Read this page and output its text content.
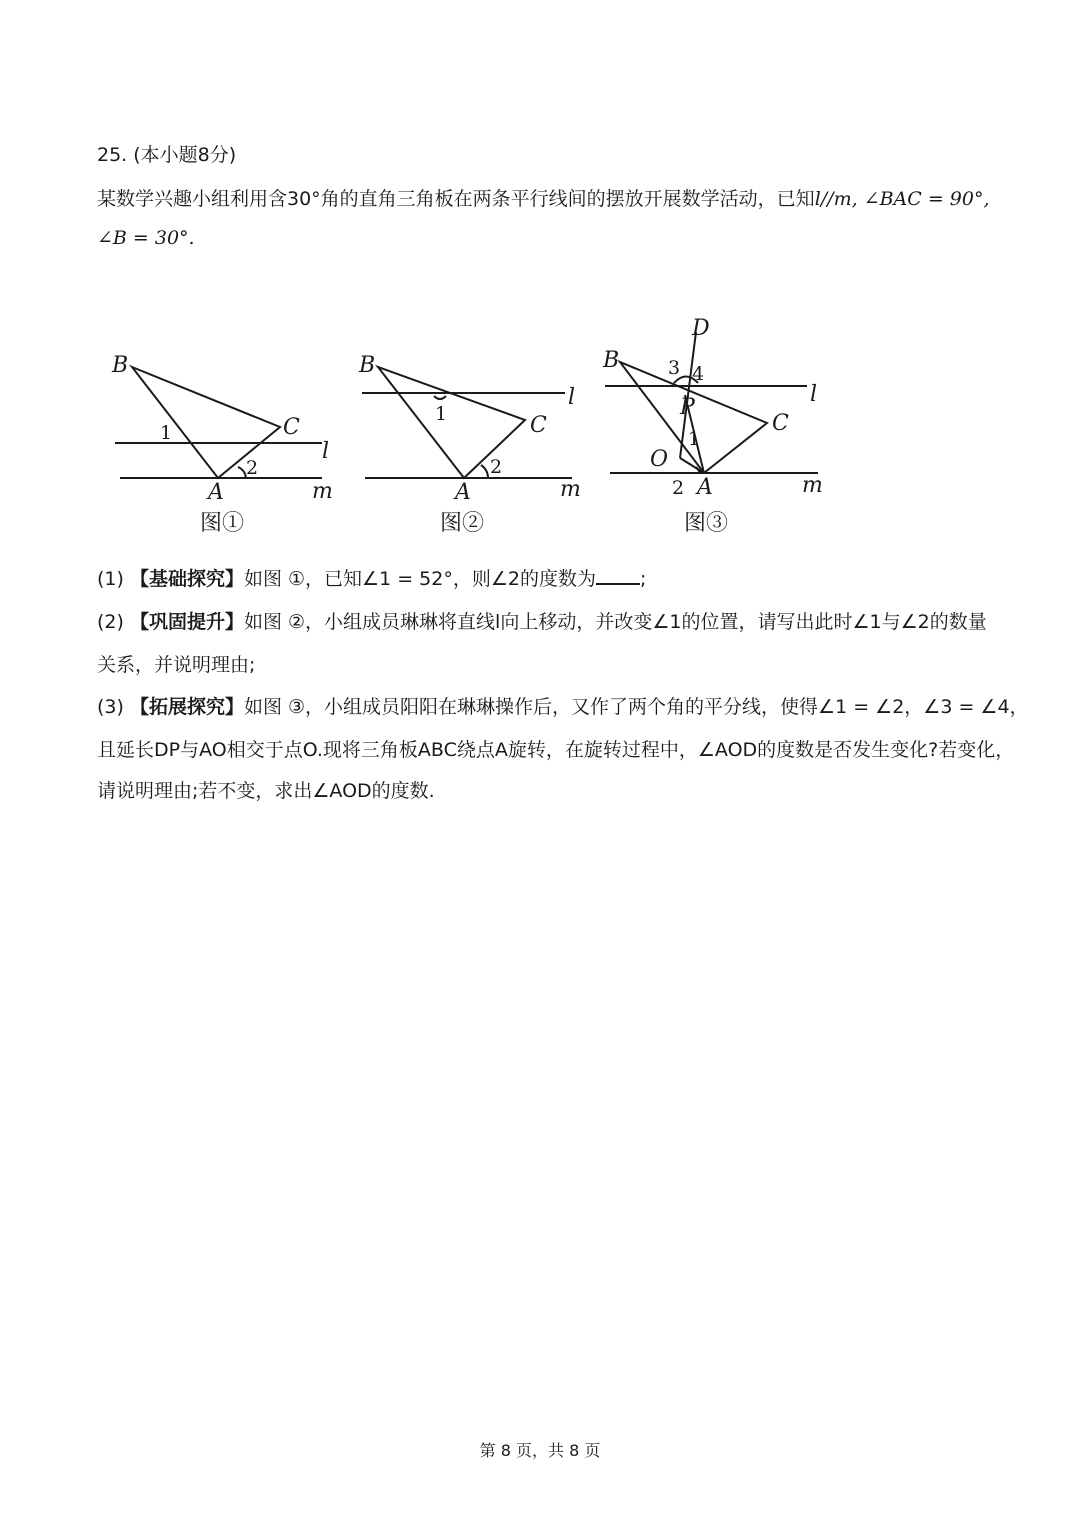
25. (本小题8分)
某数学兴趣小组利用含30°角的直角三角板在两条平行线间的摆放开展数学活动，已知l//m, ∠BAC = 90°,
∠B = 30°.
B
C
l
A	m
1
2
B
C
l
A	m
1
2
B
D
3 4
l
P
C
1
O
2 A	m
图①	图②	图③
(1) 【基础探究】如图 ①，已知∠1 = 52°，则∠2的度数为 ;
(2) 【巩固提升】如图 ②，小组成员琳琳将直线l向上移动，并改变∠1的位置，请写出此时∠1与∠2的数量
关系，并说明理由;
(3) 【拓展探究】如图 ③，小组成员阳阳在琳琳操作后，又作了两个角的平分线，使得∠1 = ∠2，∠3 = ∠4，
且延长DP与AO相交于点O.现将三角板ABC绕点A旋转，在旋转过程中，∠AOD的度数是否发生变化?若变化，
请说明理由;若不变，求出∠AOD的度数.
第 8 页，共 8 页
